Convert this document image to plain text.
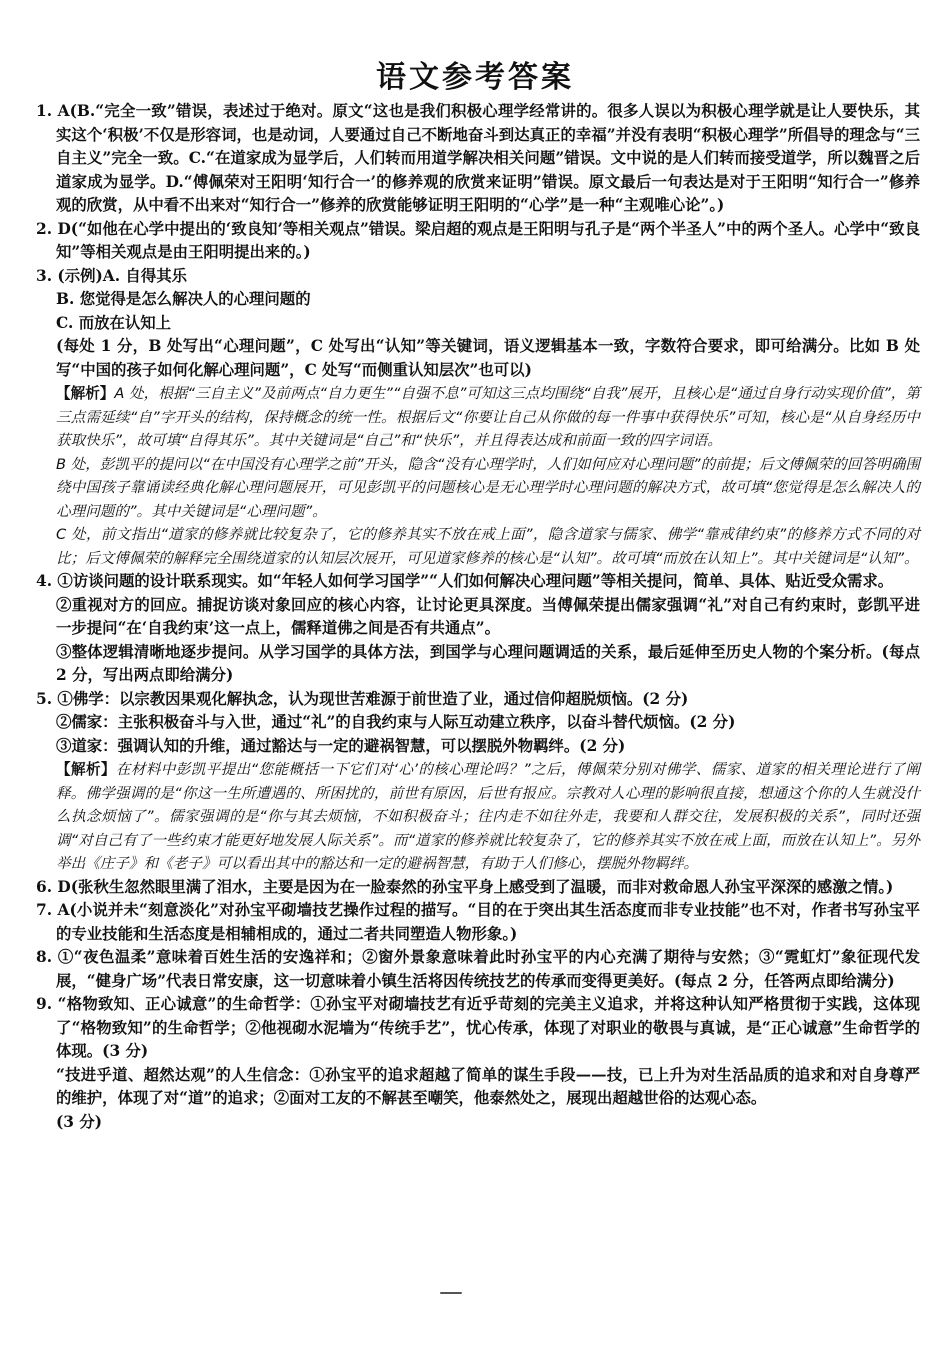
语文参考答案

1. A(B.“完全一致”错误，表述过于绝对。原文“这也是我们积极心理学经常讲的。很多人误以为积极心理学就是让人要快乐，其实这个‘积极’不仅是形容词，也是动词，人要通过自己不断地奋斗到达真正的幸福”并没有表明“积极心理学”所倡导的理念与“三自主义”完全一致。C.“在道家成为显学后，人们转而用道学解决相关问题”错误。文中说的是人们转而接受道学，所以魏晋之后道家成为显学。D.“傅佩荣对王阳明‘知行合一’的修养观的欣赏来证明”错误。原文最后一句表达是对于王阳明“知行合一”修养观的欣赏，从中看不出来对“知行合一”修养的欣赏能够证明王阳明的“心学”是一种“主观唯心论”。)

2. D(“如他在心学中提出的‘致良知’等相关观点”错误。梁启超的观点是王阳明与孔子是“两个半圣人”中的两个圣人。心学中“致良知”等相关观点是由王阳明提出来的。)

3. (示例)A. 自得其乐

B. 您觉得是怎么解决人的心理问题的

C. 而放在认知上

(每处 1 分，B 处写出“心理问题”，C 处写出“认知”等关键词，语义逻辑基本一致，字数符合要求，即可给满分。比如 B 处写“中国的孩子如何化解心理问题”，C 处写“而侧重认知层次”也可以)

【解析】A 处，根据“三自主义”及前两点“自力更生”“自强不息”可知这三点均围绕“自我”展开，且核心是“通过自身行动实现价值”，第三点需延续“自”字开头的结构，保持概念的统一性。根据后文“你要让自己从你做的每一件事中获得快乐”可知，核心是“从自身经历中获取快乐”，故可填“自得其乐”。其中关键词是“自己”和“快乐”，并且得表达成和前面一致的四字词语。

B 处，彭凯平的提问以“在中国没有心理学之前”开头，隐含“没有心理学时，人们如何应对心理问题”的前提；后文傅佩荣的回答明确围绕中国孩子靠诵读经典化解心理问题展开，可见彭凯平的问题核心是无心理学时心理问题的解决方式，故可填“您觉得是怎么解决人的心理问题的”。其中关键词是“心理问题”。

C 处，前文指出“道家的修养就比较复杂了，它的修养其实不放在戒上面”，隐含道家与儒家、佛学“靠戒律约束”的修养方式不同的对比；后文傅佩荣的解释完全围绕道家的认知层次展开，可见道家修养的核心是“认知”。故可填“而放在认知上”。其中关键词是“认知”。

4. ①访谈问题的设计联系现实。如“年轻人如何学习国学”“人们如何解决心理问题”等相关提问，简单、具体、贴近受众需求。

②重视对方的回应。捕捉访谈对象回应的核心内容，让讨论更具深度。当傅佩荣提出儒家强调“礼”对自己有约束时，彭凯平进一步提问“在‘自我约束’这一点上，儒释道佛之间是否有共通点”。

③整体逻辑清晰地逐步提问。从学习国学的具体方法，到国学与心理问题调适的关系，最后延伸至历史人物的个案分析。(每点 2 分，写出两点即给满分)

5. ①佛学：以宗教因果观化解执念，认为现世苦难源于前世造了业，通过信仰超脱烦恼。(2 分)

②儒家：主张积极奋斗与入世，通过“礼”的自我约束与人际互动建立秩序，以奋斗替代烦恼。(2 分)

③道家：强调认知的升维，通过豁达与一定的避祸智慧，可以摆脱外物羁绊。(2 分)

【解析】在材料中彭凯平提出“您能概括一下它们对‘心’的核心理论吗？”之后，傅佩荣分别对佛学、儒家、道家的相关理论进行了阐释。佛学强调的是“你这一生所遭遇的、所困扰的，前世有原因，后世有报应。宗教对人心理的影响很直接，想通这个你的人生就没什么执念烦恼了”。儒家强调的是“你与其去烦恼，不如积极奋斗；往内走不如往外走，我要和人群交往，发展积极的关系”，同时还强调“对自己有了一些约束才能更好地发展人际关系”。而“道家的修养就比较复杂了，它的修养其实不放在戒上面，而放在认知上”。另外举出《庄子》和《老子》可以看出其中的豁达和一定的避祸智慧，有助于人们修心，摆脱外物羁绊。

6. D(张秋生忽然眼里满了泪水，主要是因为在一脸泰然的孙宝平身上感受到了温暖，而非对救命恩人孙宝平深深的感激之情。)

7. A(小说并未“刻意淡化”对孙宝平砌墙技艺操作过程的描写。“目的在于突出其生活态度而非专业技能”也不对，作者书写孙宝平的专业技能和生活态度是相辅相成的，通过二者共同塑造人物形象。)

8. ①“夜色温柔”意味着百姓生活的安逸祥和；②窗外景象意味着此时孙宝平的内心充满了期待与安然；③“霓虹灯”象征现代发展，“健身广场”代表日常安康，这一切意味着小镇生活将因传统技艺的传承而变得更美好。(每点 2 分，任答两点即给满分)

9. “格物致知、正心诚意”的生命哲学：①孙宝平对砌墙技艺有近乎苛刻的完美主义追求，并将这种认知严格贯彻于实践，这体现了“格物致知”的生命哲学；②他视砌水泥墙为“传统手艺”，忧心传承，体现了对职业的敬畏与真诚，是“正心诚意”生命哲学的体现。(3 分)

“技进乎道、超然达观”的人生信念：①孙宝平的追求超越了简单的谋生手段——技，已上升为对生活品质的追求和对自身尊严的维护，体现了对“道”的追求；②面对工友的不解甚至嘲笑，他泰然处之，展现出超越世俗的达观心态。

(3 分)
